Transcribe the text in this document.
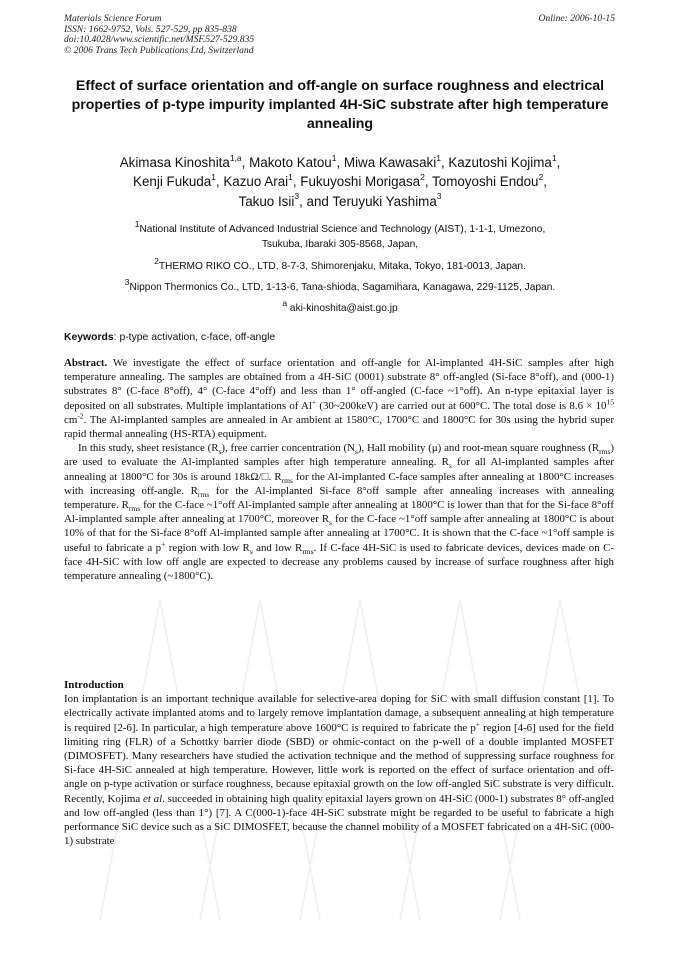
Materials Science Forum
ISSN: 1662-9752, Vols. 527-529, pp 835-838
doi:10.4028/www.scientific.net/MSF.527-529.835
© 2006 Trans Tech Publications Ltd, Switzerland
Online: 2006-10-15
Effect of surface orientation and off-angle on surface roughness and electrical properties of p-type impurity implanted 4H-SiC substrate after high temperature annealing
Akimasa Kinoshita$^{1,a}$, Makoto Katou$^1$, Miwa Kawasaki$^1$, Kazutoshi Kojima$^1$,
Kenji Fukuda$^1$, Kazuo Arai$^1$, Fukuyoshi Morigasa$^2$, Tomoyoshi Endou$^2$,
Takuo Isii$^3$, and Teruyuki Yashima$^3$
$^1$National Institute of Advanced Industrial Science and Technology (AIST), 1-1-1, Umezono,
Tsukuba, Ibaraki 305-8568, Japan,
$^2$THERMO RIKO CO., LTD, 8-7-3, Shimorenjaku, Mitaka, Tokyo, 181-0013, Japan.
$^3$Nippon Thermonics Co., LTD, 1-13-6, Tana-shioda, Sagamihara, Kanagawa, 229-1125, Japan.
$^a$ aki-kinoshita@aist.go.jp
Keywords: p-type activation, c-face, off-angle

Abstract. We investigate the effect of surface orientation and off-angle for Al-implanted 4H-SiC samples after high temperature annealing. The samples are obtained from a 4H-SiC (0001) substrate 8° off-angled (Si-face 8°off), and (000-1) substrates 8° (C-face 8°off), 4° (C-face 4°off) and less than 1° off-angled (C-face ~1°off). An n-type epitaxial layer is deposited on all substrates. Multiple implantations of Al+ (30~200keV) are carried out at 600°C. The total dose is $8.6 \times 10^{15}$ $cm^{-2}$. The Al-implanted samples are annealed in Ar ambient at 1580°C, 1700°C and 1800°C for 30s using the hybrid super rapid thermal annealing (HS-RTA) equipment.

In this study, sheet resistance $(R_s)$, free carrier concentration $(N_s)$, Hall mobility (μ) and root-mean square roughness $(R_{rms})$ are used to evaluate the Al-implanted samples after high temperature annealing. $R_s$ for all Al-implanted samples after annealing at 1800°C for 30s is around 18kΩ/□. $R_{rms}$ for the Al-implanted C-face samples after annealing at 1800°C increases with increasing off-angle. $R_{rms}$ for the Al-implanted Si-face 8°off sample after annealing increases with annealing temperature. $R_{rms}$ for the C-face ~1°off Al-implanted sample after annealing at 1800°C is lower than that for the Si-face 8°off Al-implanted sample after annealing at 1700°C, moreover $R_s$ for the C-face ~1°off sample after annealing at 1800°C is about 10% of that for the Si-face 8°off Al-implanted sample after annealing at 1700°C. It is shown that the C-face ~1°off sample is useful to fabricate a p+ region with low $R_s$ and low $R_{rms}$. If C-face 4H-SiC is used to fabricate devices, devices made on C-face 4H-SiC with low off angle are expected to decrease any problems caused by increase of surface roughness after high temperature annealing (~1800°C).

Introduction

Ion implantation is an important technique available for selective-area doping for SiC with small diffusion constant [1]. To electrically activate implanted atoms and to largely remove implantation damage, a subsequent annealing at high temperature is required [2-6]. In particular, a high temperature above 1600°C is required to fabricate the p+ region [4-6] used for the field limiting ring (FLR) of a Schottky barrier diode (SBD) or ohmic-contact on the p-well of a double implanted MOSFET (DIMOSFET). Many researchers have studied the activation technique and the method of suppressing surface roughness for Si-face 4H-SiC annealed at high temperature. However, little work is reported on the effect of surface orientation and off-angle on p-type activation or surface roughness, because epitaxial growth on the low off-angled SiC substrate is very difficult. Recently, Kojima et al. succeeded in obtaining high quality epitaxial layers grown on 4H-SiC (000-1) substrates 8° off-angled and low off-angled (less than 1°) [7]. A C(000-1)-face 4H-SiC substrate might be regarded to be useful to fabricate a high performance SiC device such as a SiC DIMOSFET, because the channel mobility of a MOSFET fabricated on a 4H-SiC (000-1) substrate
